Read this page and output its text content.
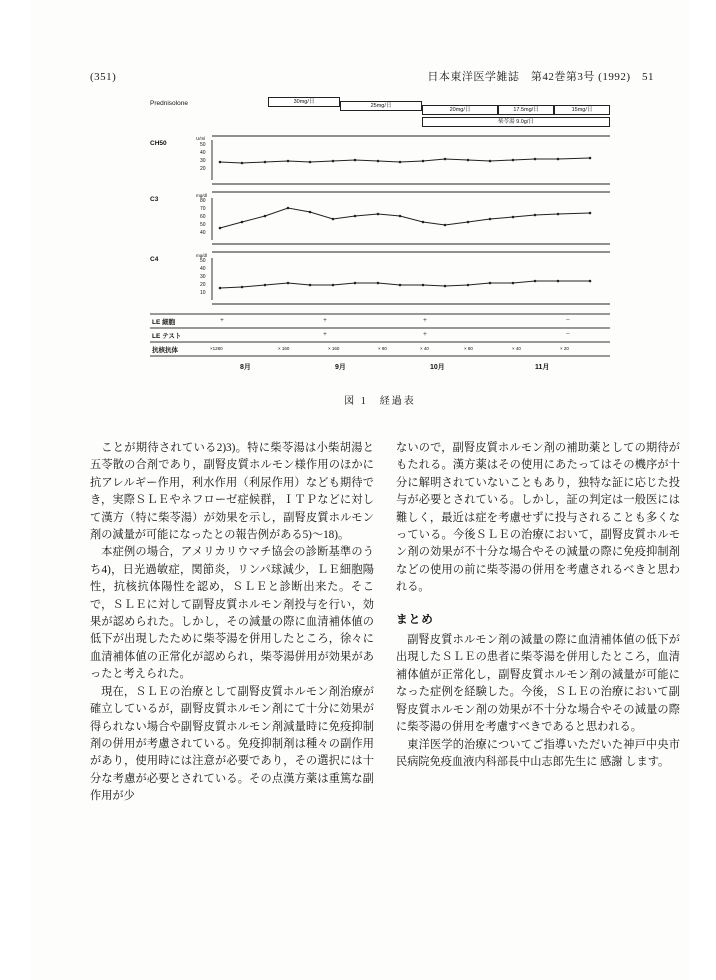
(351)	日本東洋医学雑誌　第42巻第3号 (1992)　51
Prednisolone	30mg/日
25mg/日
20mg/日	17.5mg/日	15mg/日
柴苓湯 9.0g/日
CH50
U/ml
50
40
30
20
C3
mg/dl
80
70
60
50
40
C4
mg/dl
50
40
30
20
10
LE 細胞	+	+	+	−
LE テスト	+	+	−
抗核抗体	×1280	× 160	× 160	× 80	× 40	× 80	× 40	× 20
8月	9月	10月	11月
図 1　経過表

ことが期待されている2)3)。特に柴苓湯は小柴胡湯と五苓散の合剤であり，副腎皮質ホルモン様作用のほかに抗アレルギー作用，利水作用（利尿作用）なども期待でき，実際ＳＬＥやネフローゼ症候群，ＩＴＰなどに対して漢方（特に柴苓湯）が効果を示し，副腎皮質ホルモン剤の減量が可能になったとの報告例がある5)〜18)。

本症例の場合，アメリカリウマチ協会の診断基準のうち4)，日光過敏症，関節炎，リンパ球減少，ＬＥ細胞陽性，抗核抗体陽性を認め，ＳＬＥと診断出来た。そこで，ＳＬＥに対して副腎皮質ホルモン剤投与を行い，効果が認められた。しかし，その減量の際に血清補体値の低下が出現したために柴苓湯を併用したところ，徐々に血清補体値の正常化が認められ，柴苓湯併用が効果があったと考えられた。

現在，ＳＬＥの治療として副腎皮質ホルモン剤治療が確立しているが，副腎皮質ホルモン剤にて十分に効果が得られない場合や副腎皮質ホルモン剤減量時に免疫抑制剤の併用が考慮されている。免疫抑制剤は種々の副作用があり，使用時には注意が必要であり，その選択には十分な考慮が必要とされている。その点漢方薬は重篤な副作用が少

ないので，副腎皮質ホルモン剤の補助薬としての期待がもたれる。漢方薬はその使用にあたってはその機序が十分に解明されていないこともあり，独特な証に応じた投与が必要とされている。しかし，証の判定は一般医には難しく，最近は症を考慮せずに投与されることも多くなっている。今後ＳＬＥの治療において，副腎皮質ホルモン剤の効果が不十分な場合やその減量の際に免疫抑制剤などの使用の前に柴苓湯の併用を考慮されるべきと思われる。

まとめ

副腎皮質ホルモン剤の減量の際に血清補体値の低下が出現したＳＬＥの患者に柴苓湯を併用したところ，血清補体値が正常化し，副腎皮質ホルモン剤の減量が可能になった症例を経験した。今後，ＳＬＥの治療において副腎皮質ホルモン剤の効果が不十分な場合やその減量の際に柴苓湯の併用を考慮すべきであると思われる。

東洋医学的治療についてご指導いただいた神戸中央市民病院免疫血液内科部長中山志郎先生に 感謝 します。
